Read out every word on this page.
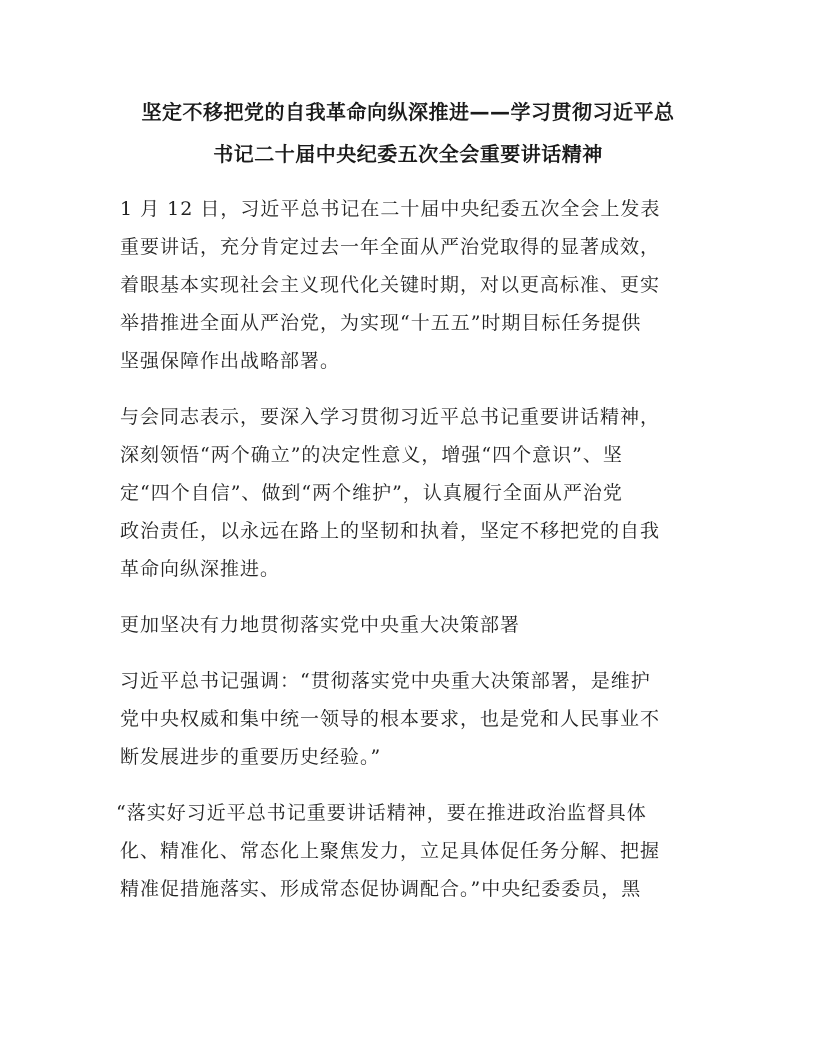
坚定不移把党的自我革命向纵深推进——学习贯彻习近平总
书记二十届中央纪委五次全会重要讲话精神
1 月 12 日，习近平总书记在二十届中央纪委五次全会上发表
重要讲话，充分肯定过去一年全面从严治党取得的显著成效，
着眼基本实现社会主义现代化关键时期，对以更高标准、更实
举措推进全面从严治党，为实现“十五五”时期目标任务提供
坚强保障作出战略部署。
与会同志表示，要深入学习贯彻习近平总书记重要讲话精神，
深刻领悟“两个确立”的决定性意义，增强“四个意识”、坚
定“四个自信”、做到“两个维护”，认真履行全面从严治党
政治责任，以永远在路上的坚韧和执着，坚定不移把党的自我
革命向纵深推进。
更加坚决有力地贯彻落实党中央重大决策部署
习近平总书记强调：“贯彻落实党中央重大决策部署，是维护
党中央权威和集中统一领导的根本要求，也是党和人民事业不
断发展进步的重要历史经验。”
“落实好习近平总书记重要讲话精神，要在推进政治监督具体
化、精准化、常态化上聚焦发力，立足具体促任务分解、把握
精准促措施落实、形成常态促协调配合。”中央纪委委员，黑
